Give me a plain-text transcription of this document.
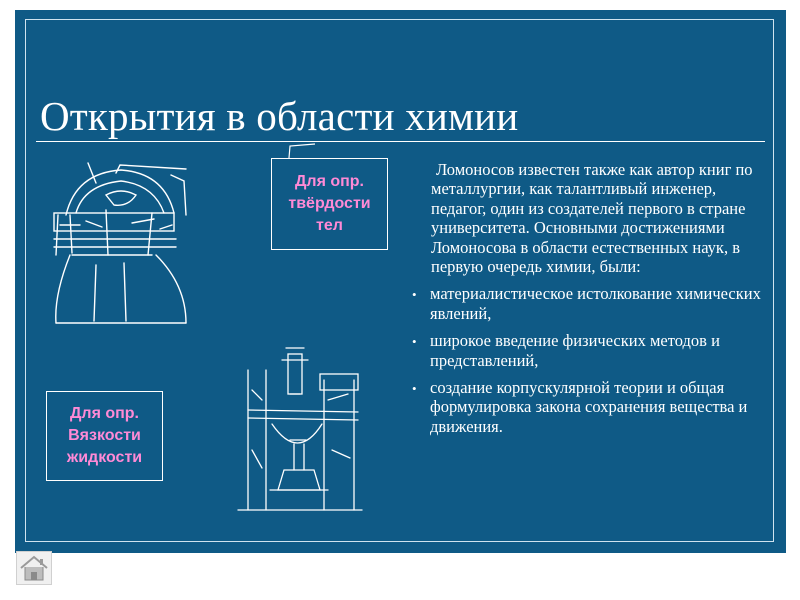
Открытия в области химии
Для опр.
твёрдости
тел
Для опр.
Вязкости
жидкости

Ломоносов известен также как автор книг по металлургии, как талантливый инженер, педагог, один из создателей первого в стране университета. Основными достижениями Ломоносова в области естественных наук, в первую очередь химии, были:

• материалистическое истолкование химических явлений,
• широкое введение физических методов и представлений,
• создание корпускулярной теории и общая формулировка закона сохранения вещества и движения.
